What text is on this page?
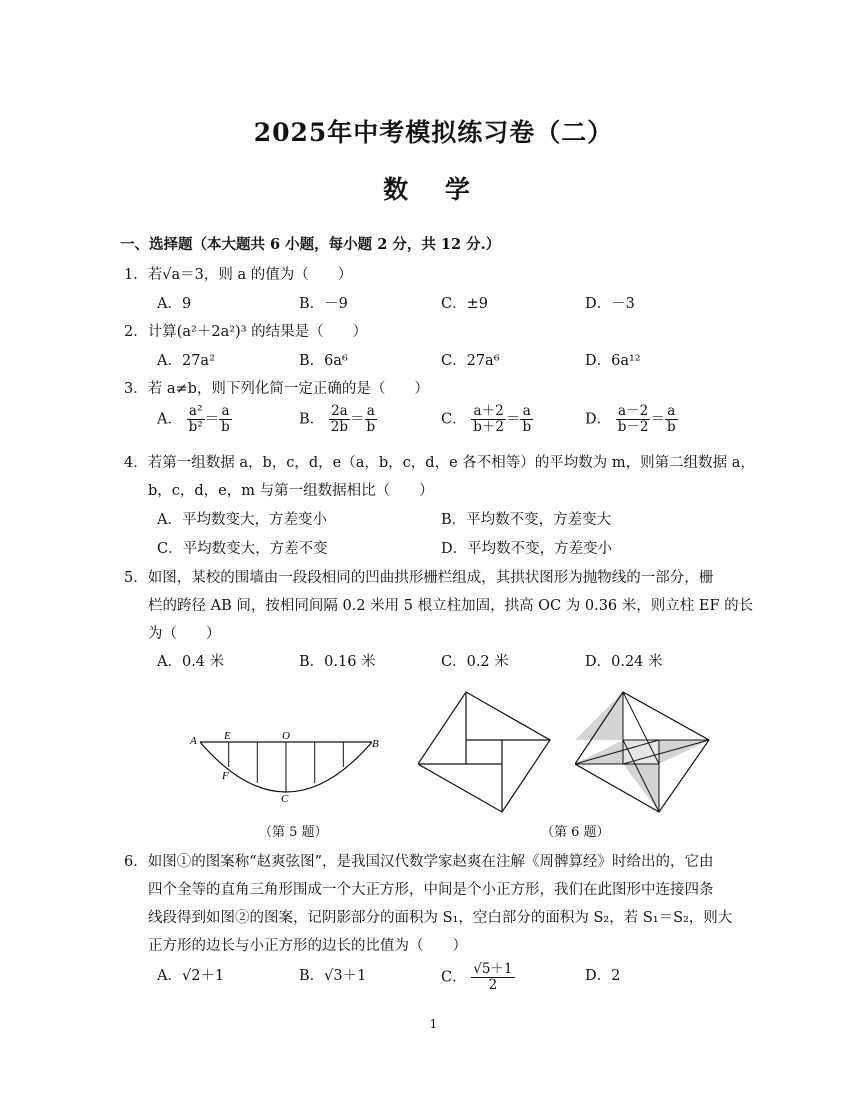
2025年中考模拟练习卷（二）
数 学
一、选择题（本大题共 6 小题，每小题 2 分，共 12 分.）
1．若√a＝3，则 a 的值为（　　）
A．9	B．－9	C．±9	D．－3
2．计算(a²＋2a²)³ 的结果是（　　）
A．27a²	B．6a⁶	C．27a⁶	D．6a¹²
3．若 a≠b，则下列化简一定正确的是（　　）
A． $\frac{\text{a²}}{\text{b²}} = \frac{a}{b}$	B． $\frac{2a}{2b} = \frac{a}{b}$	C． $\frac{a+2}{b+2} = \frac{a}{b}$	D． $\frac{a-2}{b-2} = \frac{a}{b}$
4．若第一组数据 a，b，c，d，e（a，b，c，d，e 各不相等）的平均数为 m，则第二组数据 a，
b，c，d，e，m 与第一组数据相比（　　）
A．平均数变大，方差变小	B．平均数不变，方差变大
C．平均数变大，方差不变	D．平均数不变，方差变小
5．如图，某校的围墙由一段段相同的凹曲拱形栅栏组成，其拱状图形为抛物线的一部分，栅
栏的跨径 AB 间，按相同间隔 0.2 米用 5 根立柱加固，拱高 OC 为 0.36 米，则立柱 EF 的长
为（　　）
A．0.4 米	B．0.16 米	C．0.2 米	D．0.24 米
A E	O
B
F
C
（第 5 题）	（第 6 题）
6．如图①的图案称“赵爽弦图”，是我国汉代数学家赵爽在注解《周髀算经》时给出的，它由
四个全等的直角三角形围成一个大正方形，中间是个小正方形，我们在此图形中连接四条
线段得到如图②的图案，记阴影部分的面积为 S₁，空白部分的面积为 S₂，若 S₁＝S₂，则大
正方形的边长与小正方形的边长的比值为（　　）
A．√2＋1	B．√3＋1	C． $\frac{√5+1}{2}$	D．2
1
